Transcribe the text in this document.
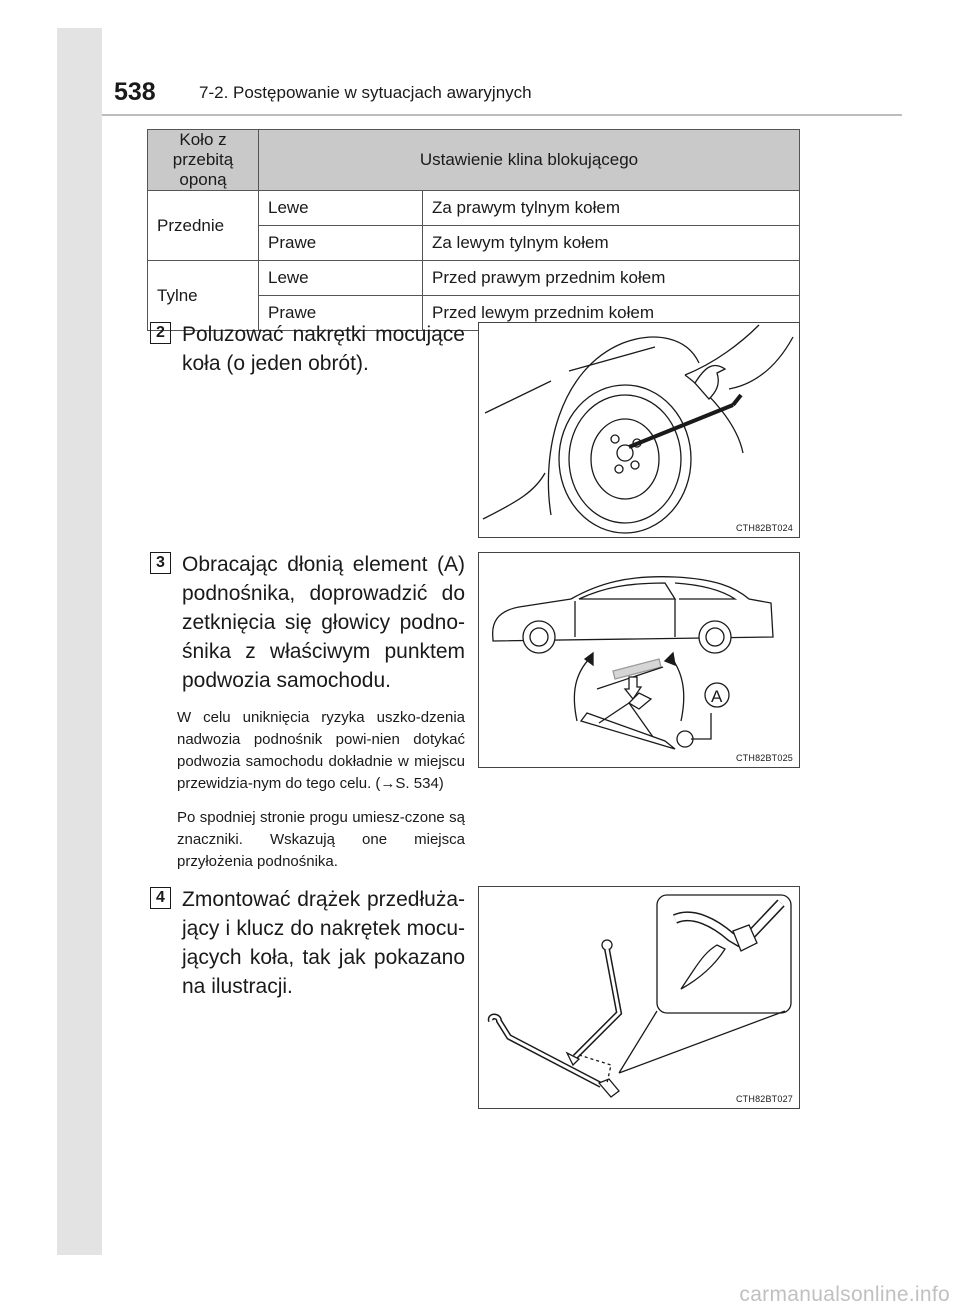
538	7-2. Postępowanie w sytuacjach awaryjnych
Koło z przebitą oponą	Ustawienie klina blokującego	
Przednie	Lewe	Za prawym tylnym kołem
	Prawe	Za lewym tylnym kołem
Tylne	Lewe	Przed prawym przednim kołem
	Prawe	Przed lewym przednim kołem
2 Poluzować nakrętki mocujące koła (o jeden obrót).
CTH82BT024
3 Obracając dłonią element (A) podnośnika, doprowadzić do zetknięcia się głowicy podno-śnika z właściwym punktem podwozia samochodu.
W celu uniknięcia ryzyka uszko-dzenia nadwozia podnośnik powi-nien dotykać podwozia samochodu dokładnie w miejscu przewidzia-nym do tego celu. (→S. 534)
Po spodniej stronie progu umiesz-czone są znaczniki. Wskazują one miejsca przyłożenia podnośnika.
A
CTH82BT025
4 Zmontować drążek przedłuża-jący i klucz do nakrętek mocu-jących koła, tak jak pokazano na ilustracji.
CTH82BT027
carmanualsonline.info
